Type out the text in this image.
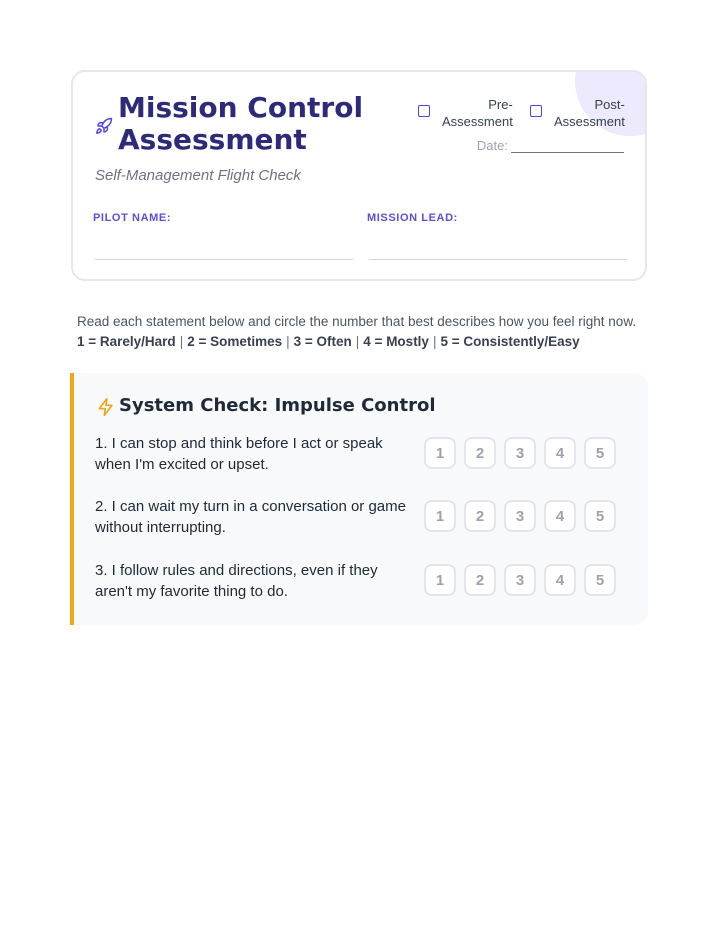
Mission Control Assessment
Self-Management Flight Check
Pre-
Assessment
Post-
Assessment
Date:
PILOT NAME:	MISSION LEAD:
Read each statement below and circle the number that best describes how you feel right now.
1 = Rarely/Hard | 2 = Sometimes | 3 = Often | 4 = Mostly | 5 = Consistently/Easy
System Check: Impulse Control
1. I can stop and think before I act or speak when I'm excited or upset.
1	2	3	4	5
2. I can wait my turn in a conversation or game without interrupting.
1	2	3	4	5
3. I follow rules and directions, even if they aren't my favorite thing to do.
1	2	3	4	5
